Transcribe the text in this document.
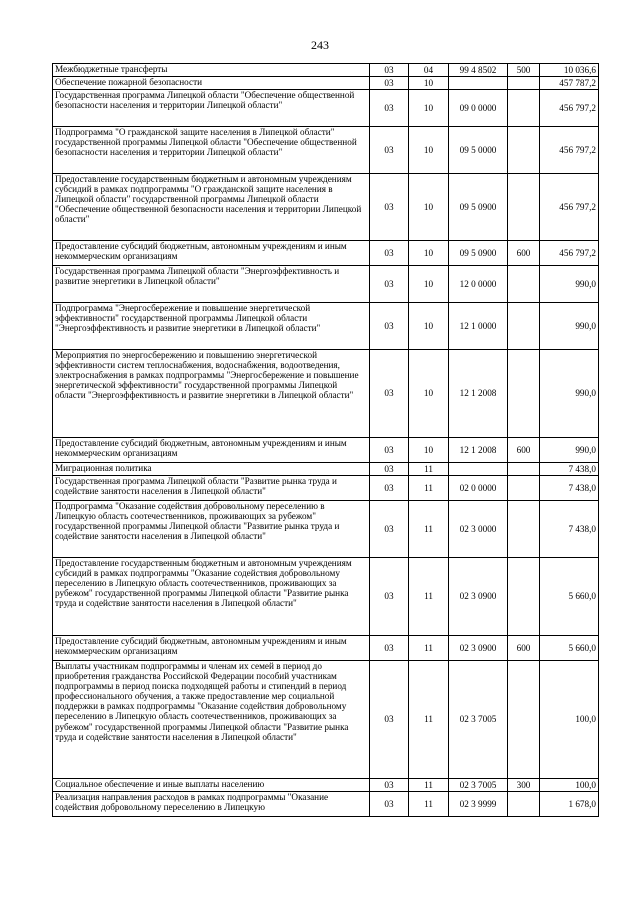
243
Межбюджетные трансферты	03	04	99 4 8502	500	10 036,6
Обеспечение пожарной безопасности	03	10			457 787,2
Государственная программа Липецкой области "Обеспечение общественной безопасности населения и территории Липецкой области"	03	10	09 0 0000		456 797,2
Подпрограмма "О гражданской защите населения в Липецкой области" государственной программы Липецкой области "Обеспечение общественной безопасности населения и территории Липецкой области"	03	10	09 5 0000		456 797,2
Предоставление государственным бюджетным и автономным учреждениям субсидий в рамках подпрограммы "О гражданской защите населения в Липецкой области" государственной программы Липецкой области "Обеспечение общественной безопасности населения и территории Липецкой области"	03	10	09 5 0900		456 797,2
Предоставление субсидий бюджетным, автономным учреждениям и иным некоммерческим организациям	03	10	09 5 0900	600	456 797,2
Государственная программа Липецкой области "Энергоэффективность и развитие энергетики в Липецкой области"	03	10	12 0 0000		990,0
Подпрограмма "Энергосбережение и повышение энергетической эффективности" государственной программы Липецкой области "Энергоэффективность и развитие энергетики в Липецкой области"	03	10	12 1 0000		990,0
Мероприятия по энергосбережению и повышению энергетической эффективности систем теплоснабжения, водоснабжения, водоотведения, электроснабжения в рамках подпрограммы "Энергосбережение и повышение энергетической эффективности" государственной программы Липецкой области "Энергоэффективность и развитие энергетики в Липецкой области"	03	10	12 1 2008		990,0
Предоставление субсидий бюджетным, автономным учреждениям и иным некоммерческим организациям	03	10	12 1 2008	600	990,0
Миграционная политика	03	11			7 438,0
Государственная программа Липецкой области "Развитие рынка труда и содействие занятости населения в Липецкой области"	03	11	02 0 0000		7 438,0
Подпрограмма "Оказание содействия добровольному переселению в Липецкую область соотечественников, проживающих за рубежом" государственной программы Липецкой области "Развитие рынка труда и содействие занятости населения в Липецкой области"	03	11	02 3 0000		7 438,0
Предоставление государственным бюджетным и автономным учреждениям субсидий в рамках подпрограммы "Оказание содействия добровольному переселению в Липецкую область соотечественников, проживающих за рубежом" государственной программы Липецкой области "Развитие рынка труда и содействие занятости населения в Липецкой области"	03	11	02 3 0900		5 660,0
Предоставление субсидий бюджетным, автономным учреждениям и иным некоммерческим организациям	03	11	02 3 0900	600	5 660,0
Выплаты участникам подпрограммы и членам их семей в период до приобретения гражданства Российской Федерации пособий участникам подпрограммы в период поиска подходящей работы и стипендий в период профессионального обучения, а также предоставление мер социальной поддержки в рамках подпрограммы "Оказание содействия добровольному переселению в Липецкую область соотечественников, проживающих за рубежом" государственной программы Липецкой области "Развитие рынка труда и содействие занятости населения в Липецкой области"	03	11	02 3 7005		100,0
Социальное обеспечение и иные выплаты населению	03	11	02 3 7005	300	100,0
Реализация направления расходов в рамках подпрограммы "Оказание содействия добровольному переселению в Липецкую	03	11	02 3 9999		1 678,0
